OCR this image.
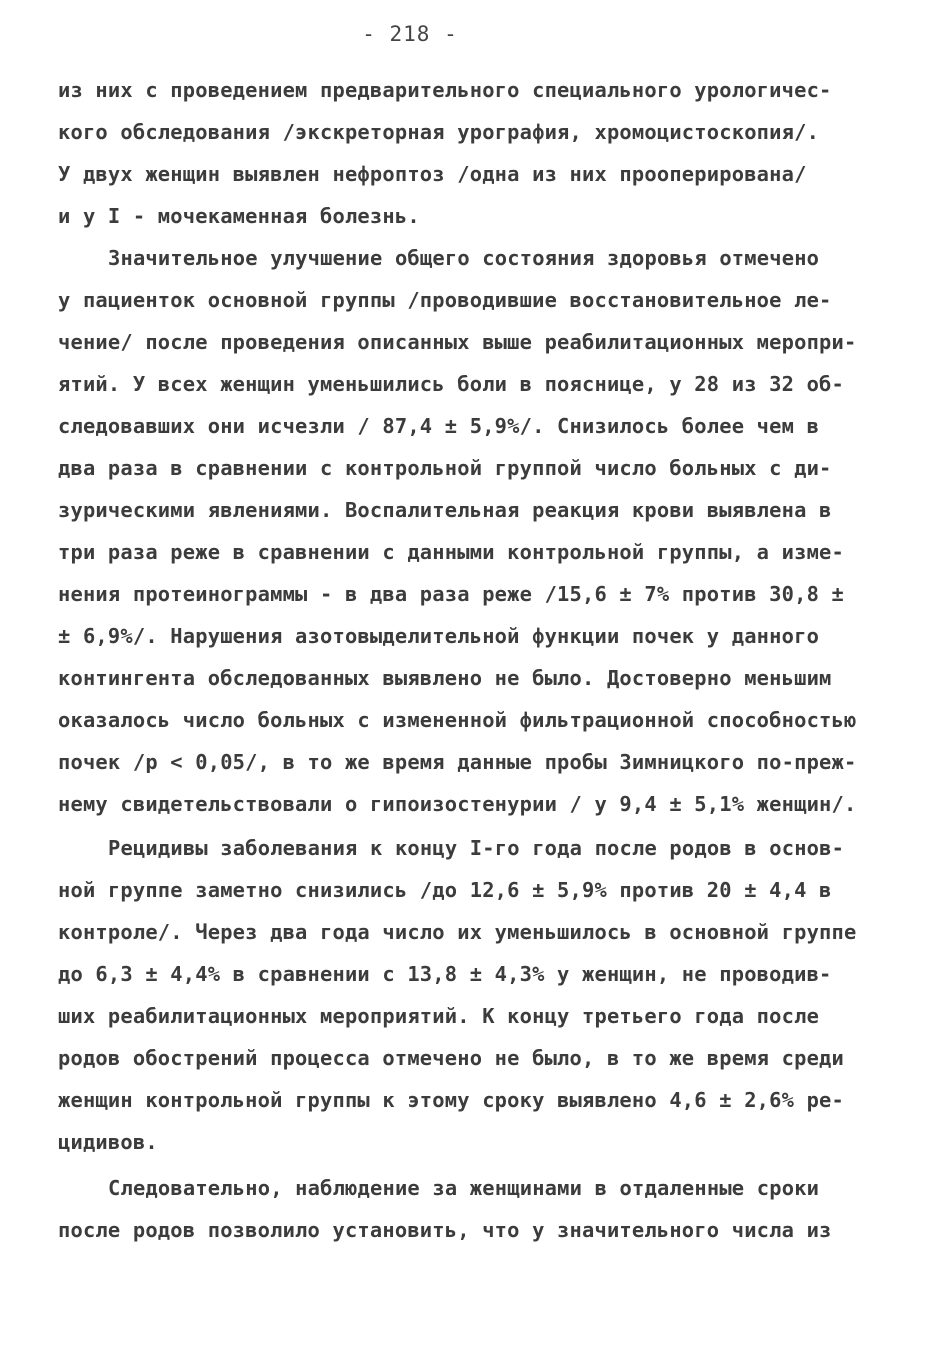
- 218 -
из них с проведением предварительного специального урологичес-
кого обследования /экскреторная урография, хромоцистоскопия/.
У двух женщин выявлен нефроптоз /одна из них прооперирована/
и у I - мочекаменная болезнь.
Значительное улучшение общего состояния здоровья отмечено
у пациенток основной группы /проводившие восстановительное ле-
чение/ после проведения описанных выше реабилитационных меропри-
ятий. У всех женщин уменьшились боли в пояснице, у 28 из 32 об-
следовавших они исчезли / 87,4 ± 5,9%/. Снизилось более чем в
два раза в сравнении с контрольной группой число больных с ди-
зурическими явлениями. Воспалительная реакция крови выявлена в
три раза реже в сравнении с данными контрольной группы, а изме-
нения протеинограммы - в два раза реже /15,6 ± 7% против 30,8 ±
± 6,9%/. Нарушения азотовыделительной функции почек у данного
контингента обследованных выявлено не было. Достоверно меньшим
оказалось число больных с измененной фильтрационной способностью
почек /p < 0,05/, в то же время данные пробы Зимницкого по-преж-
нему свидетельствовали о гипоизостенурии / у 9,4 ± 5,1% женщин/.
Рецидивы заболевания к концу I-го года после родов в основ-
ной группе заметно снизились /до 12,6 ± 5,9% против 20 ± 4,4 в
контроле/. Через два года число их уменьшилось в основной группе
до 6,3 ± 4,4% в сравнении с 13,8 ± 4,3% у женщин, не проводив-
ших реабилитационных мероприятий. К концу третьего года после
родов обострений процесса отмечено не было, в то же время среди
женщин контрольной группы к этому сроку выявлено 4,6 ± 2,6% ре-
цидивов.
Следовательно, наблюдение за женщинами в отдаленные сроки
после родов позволило установить, что у значительного числа из
